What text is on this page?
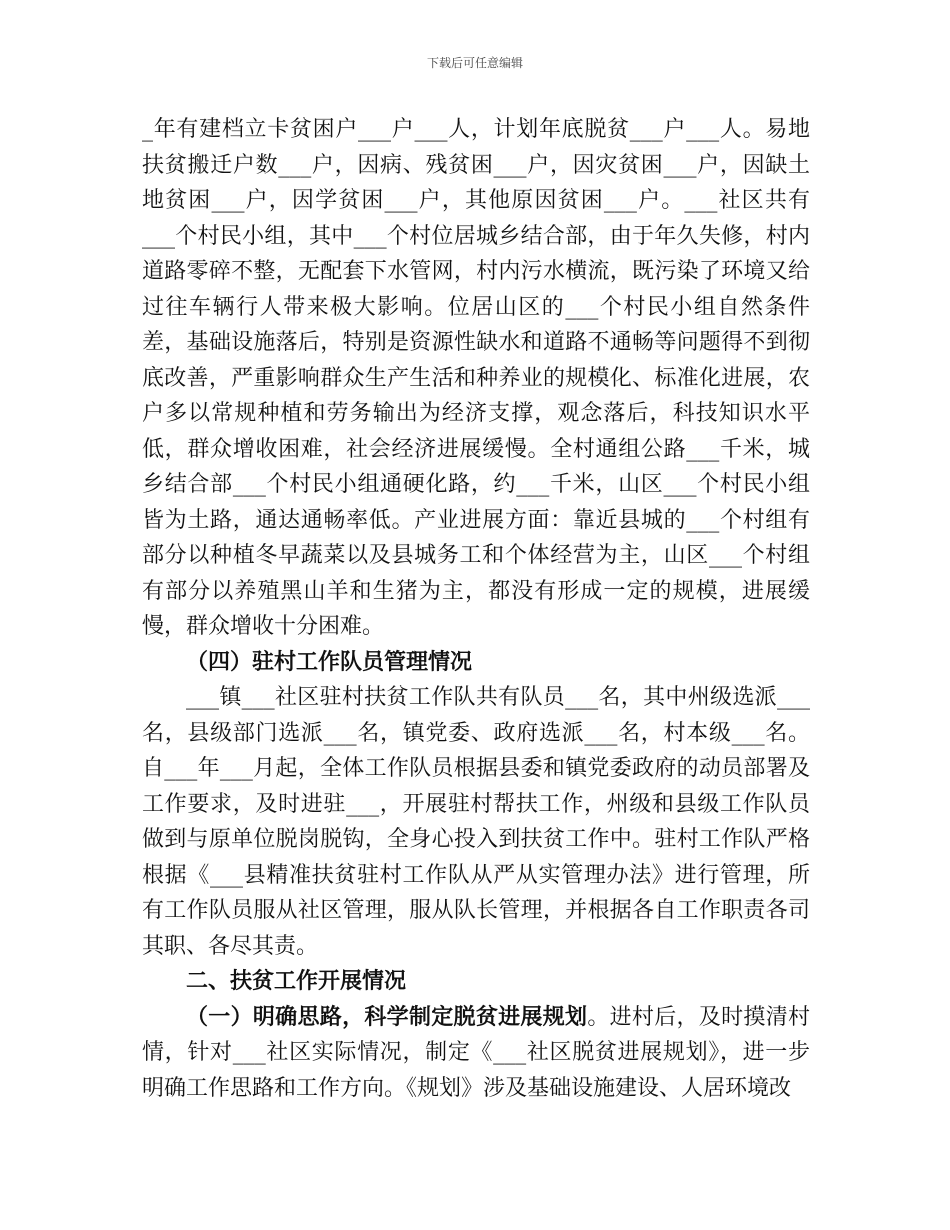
下载后可任意编辑

_年有建档立卡贫困户___户___人，计划年底脱贫___户___人。易地扶贫搬迁户数___户，因病、残贫困___户，因灾贫困___户，因缺土地贫困___户，因学贫困___户，其他原因贫困___户。___社区共有___个村民小组，其中___个村位居城乡结合部，由于年久失修，村内道路零碎不整，无配套下水管网，村内污水横流，既污染了环境又给过往车辆行人带来极大影响。位居山区的___个村民小组自然条件差，基础设施落后，特别是资源性缺水和道路不通畅等问题得不到彻底改善，严重影响群众生产生活和种养业的规模化、标准化进展，农户多以常规种植和劳务输出为经济支撑，观念落后，科技知识水平低，群众增收困难，社会经济进展缓慢。全村通组公路___千米，城乡结合部___个村民小组通硬化路，约___千米，山区___个村民小组皆为土路，通达通畅率低。产业进展方面：靠近县城的___个村组有部分以种植冬早蔬菜以及县城务工和个体经营为主，山区___个村组有部分以养殖黑山羊和生猪为主，都没有形成一定的规模，进展缓慢，群众增收十分困难。

（四）驻村工作队员管理情况

___镇___社区驻村扶贫工作队共有队员___名，其中州级选派___名，县级部门选派___名，镇党委、政府选派___名，村本级___名。自___年___月起，全体工作队员根据县委和镇党委政府的动员部署及工作要求，及时进驻___，开展驻村帮扶工作，州级和县级工作队员做到与原单位脱岗脱钩，全身心投入到扶贫工作中。驻村工作队严格根据《___县精准扶贫驻村工作队从严从实管理办法》进行管理，所有工作队员服从社区管理，服从队长管理，并根据各自工作职责各司其职、各尽其责。

二、扶贫工作开展情况

（一）明确思路，科学制定脱贫进展规划。进村后，及时摸清村情，针对___社区实际情况，制定《___社区脱贫进展规划》，进一步明确工作思路和工作方向。《规划》涉及基础设施建设、人居环境改
